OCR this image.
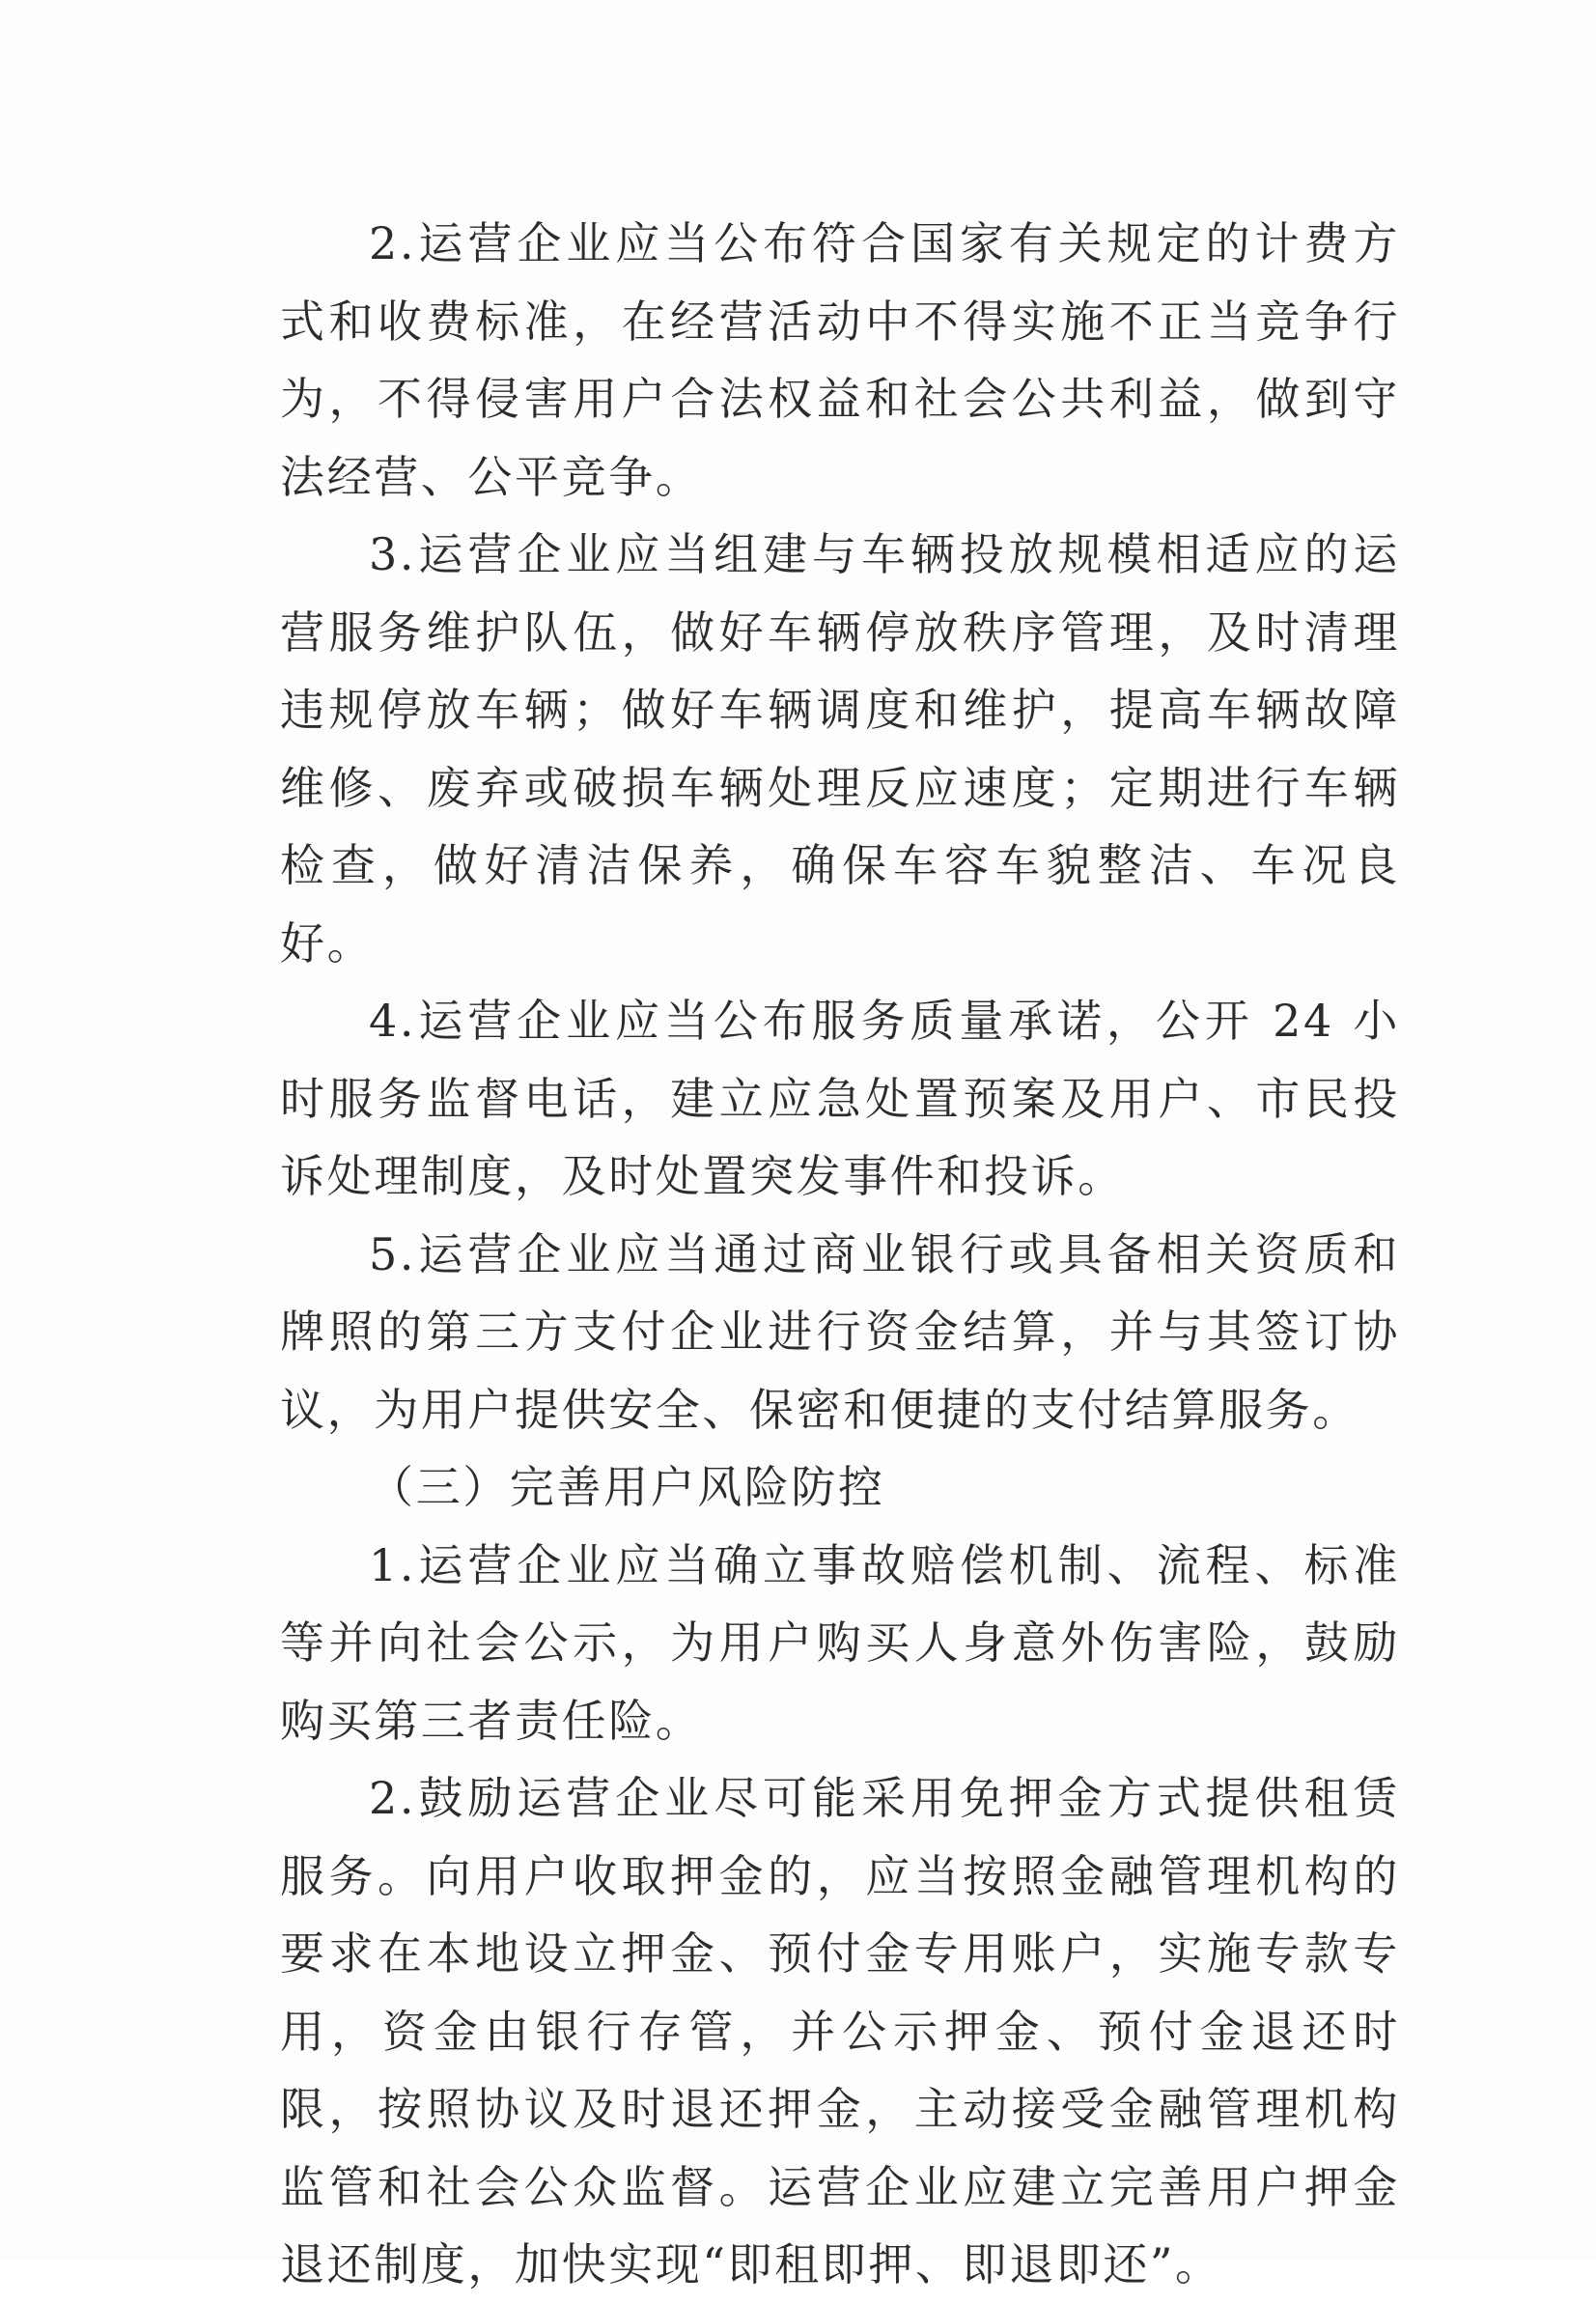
2.运营企业应当公布符合国家有关规定的计费方式和收费标准，在经营活动中不得实施不正当竞争行为，不得侵害用户合法权益和社会公共利益，做到守法经营、公平竞争。

3.运营企业应当组建与车辆投放规模相适应的运营服务维护队伍，做好车辆停放秩序管理，及时清理违规停放车辆；做好车辆调度和维护，提高车辆故障维修、废弃或破损车辆处理反应速度；定期进行车辆检查，做好清洁保养，确保车容车貌整洁、车况良好。

4.运营企业应当公布服务质量承诺，公开 24 小时服务监督电话，建立应急处置预案及用户、市民投诉处理制度，及时处置突发事件和投诉。

5.运营企业应当通过商业银行或具备相关资质和牌照的第三方支付企业进行资金结算，并与其签订协议，为用户提供安全、保密和便捷的支付结算服务。

（三）完善用户风险防控

1.运营企业应当确立事故赔偿机制、流程、标准等并向社会公示，为用户购买人身意外伤害险，鼓励购买第三者责任险。

2.鼓励运营企业尽可能采用免押金方式提供租赁服务。向用户收取押金的，应当按照金融管理机构的要求在本地设立押金、预付金专用账户，实施专款专用，资金由银行存管，并公示押金、预付金退还时限，按照协议及时退还押金，主动接受金融管理机构监管和社会公众监督。运营企业应建立完善用户押金退还制度，加快实现“即租即押、即退即还”。
